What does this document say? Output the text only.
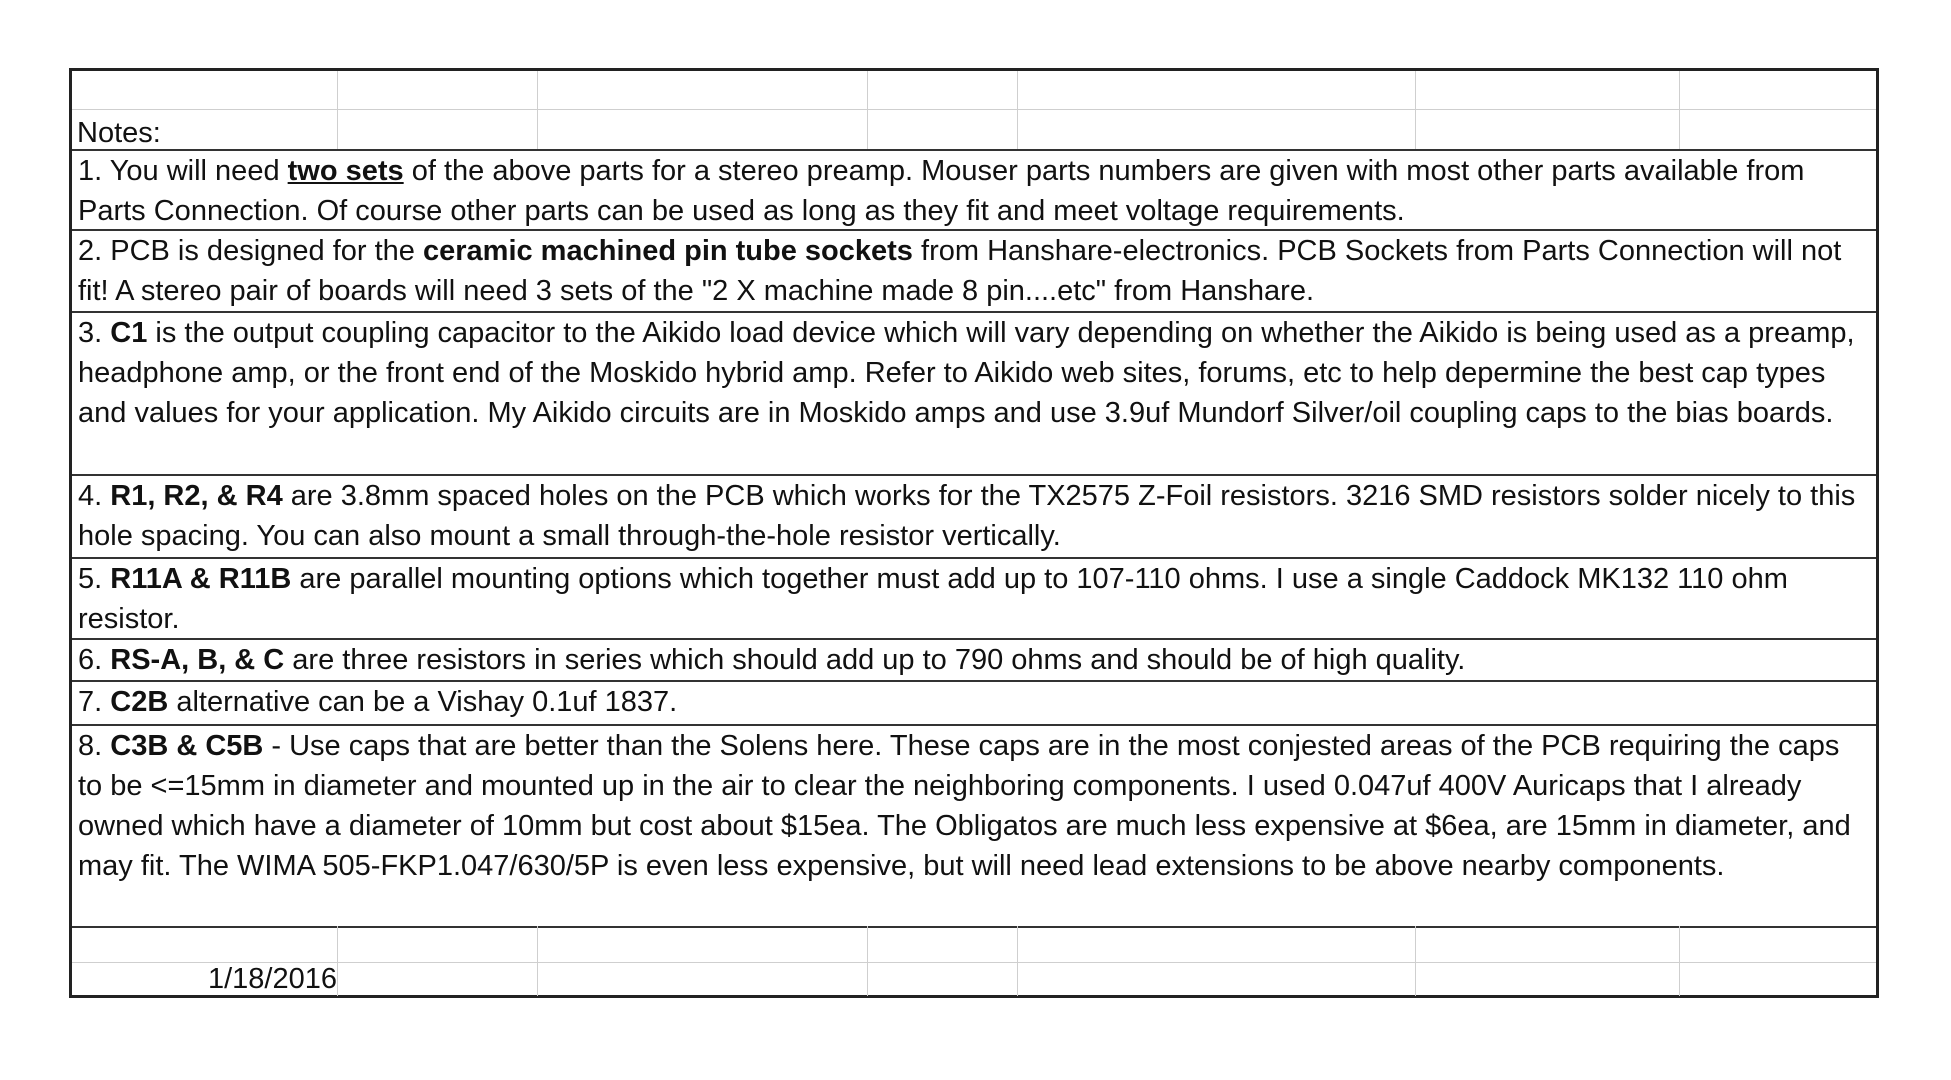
Notes:
1. You will need two sets of the above parts for a stereo preamp. Mouser parts numbers are given with most other parts available from Parts Connection. Of course other parts can be used as long as they fit and meet voltage requirements.
2. PCB is designed for the ceramic machined pin tube sockets from Hanshare-electronics. PCB Sockets from Parts Connection will not fit! A stereo pair of boards will need 3 sets of the "2 X machine made 8 pin....etc" from Hanshare.
3. C1 is the output coupling capacitor to the Aikido load device which will vary depending on whether the Aikido is being used as a preamp, headphone amp, or the front end of the Moskido hybrid amp. Refer to Aikido web sites, forums, etc to help depermine the best cap types and values for your application. My Aikido circuits are in Moskido amps and use 3.9uf Mundorf Silver/oil coupling caps to the bias boards.
4. R1, R2, & R4 are 3.8mm spaced holes on the PCB which works for the TX2575 Z-Foil resistors. 3216 SMD resistors solder nicely to this hole spacing. You can also mount a small through-the-hole resistor vertically.
5. R11A & R11B are parallel mounting options which together must add up to 107-110 ohms. I use a single Caddock MK132 110 ohm resistor.
6. RS-A, B, & C are three resistors in series which should add up to 790 ohms and should be of high quality.
7. C2B alternative can be a Vishay 0.1uf 1837.
8. C3B & C5B - Use caps that are better than the Solens here. These caps are in the most conjested areas of the PCB requiring the caps to be <=15mm in diameter and mounted up in the air to clear the neighboring components. I used 0.047uf 400V Auricaps that I already owned which have a diameter of 10mm but cost about $15ea. The Obligatos are much less expensive at $6ea, are 15mm in diameter, and may fit. The WIMA 505-FKP1.047/630/5P is even less expensive, but will need lead extensions to be above nearby components.
1/18/2016
